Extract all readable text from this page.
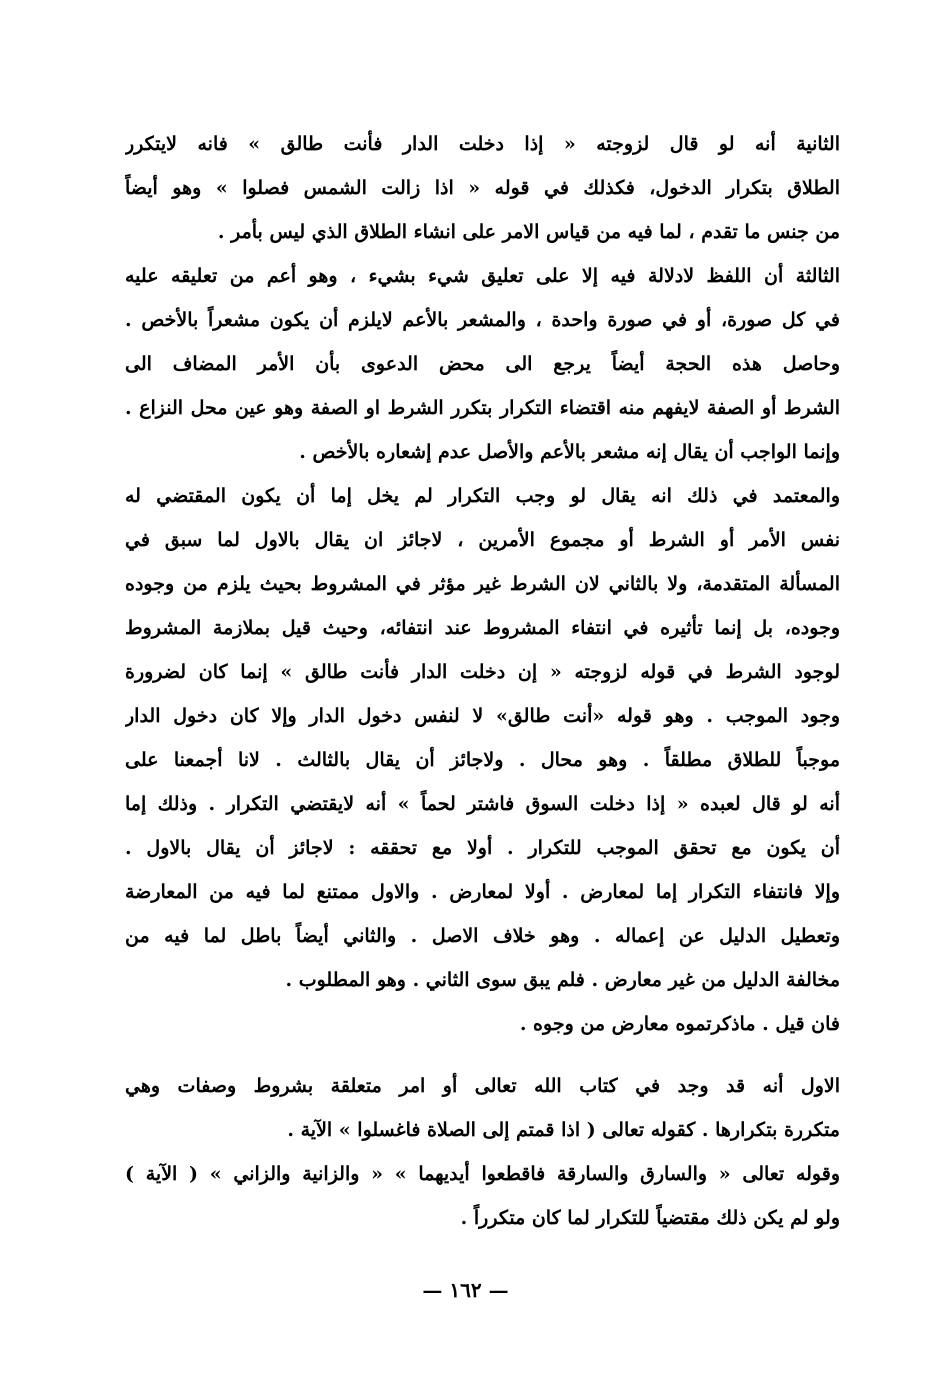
الثانية أنه لو قال لزوجته « إذا دخلت الدار فأنت طالق » فانه لايتكرر
الطلاق بتكرار الدخول، فكذلك في قوله « اذا زالت الشمس فصلوا » وهو أيضاً
من جنس ما تقدم ، لما فيه من قياس الامر على انشاء الطلاق الذي ليس بأمر .
الثالثة أن اللفظ لادلالة فيه إلا على تعليق شيء بشيء ، وهو أعم من تعليقه عليه
في كل صورة، أو في صورة واحدة ، والمشعر بالأعم لايلزم أن يكون مشعراً بالأخص .
وحاصل هذه الحجة أيضاً يرجع الى محض الدعوى بأن الأمر المضاف الى
الشرط أو الصفة لايفهم منه اقتضاء التكرار بتكرر الشرط او الصفة وهو عين محل النزاع .
وإنما الواجب أن يقال إنه مشعر بالأعم والأصل عدم إشعاره بالأخص .
والمعتمد في ذلك انه يقال لو وجب التكرار لم يخل إما أن يكون المقتضي له
نفس الأمر أو الشرط أو مجموع الأمرين ، لاجائز ان يقال بالاول لما سبق في
المسألة المتقدمة، ولا بالثاني لان الشرط غير مؤثر في المشروط بحيث يلزم من وجوده
وجوده، بل إنما تأثيره في انتفاء المشروط عند انتفائه، وحيث قيل بملازمة المشروط
لوجود الشرط في قوله لزوجته « إن دخلت الدار فأنت طالق » إنما كان لضرورة
وجود الموجب . وهو قوله «أنت طالق» لا لنفس دخول الدار وإلا كان دخول الدار
موجباً للطلاق مطلقاً . وهو محال . ولاجائز أن يقال بالثالث . لانا أجمعنا على
أنه لو قال لعبده « إذا دخلت السوق فاشتر لحماً » أنه لايقتضي التكرار . وذلك إما
أن يكون مع تحقق الموجب للتكرار . أولا مع تحققه : لاجائز أن يقال بالاول .
وإلا فانتفاء التكرار إما لمعارض . أولا لمعارض . والاول ممتنع لما فيه من المعارضة
وتعطيل الدليل عن إعماله . وهو خلاف الاصل . والثاني أيضاً باطل لما فيه من
مخالفة الدليل من غير معارض . فلم يبق سوى الثاني . وهو المطلوب .
فان قيل . ماذكرتموه معارض من وجوه .
الاول أنه قد وجد في كتاب الله تعالى أو امر متعلقة بشروط وصفات وهي
متكررة بتكرارها . كقوله تعالى ( اذا قمتم إلى الصلاة فاغسلوا » الآية .
وقوله تعالى « والسارق والسارقة فاقطعوا أيديهما » « والزانية والزاني » ( الآية )
ولو لم يكن ذلك مقتضياً للتكرار لما كان متكرراً .
— ١٦٢ —
